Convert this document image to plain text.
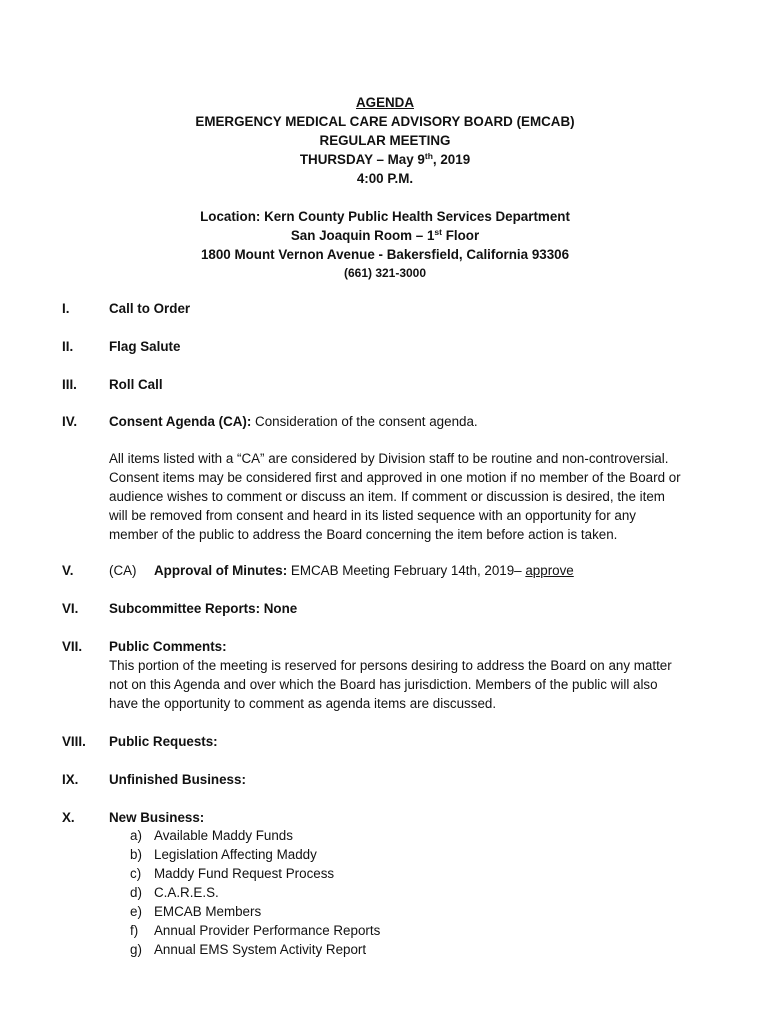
AGENDA
EMERGENCY MEDICAL CARE ADVISORY BOARD (EMCAB)
REGULAR MEETING
THURSDAY – May 9th, 2019
4:00 P.M.
Location: Kern County Public Health Services Department
San Joaquin Room – 1st Floor
1800 Mount Vernon Avenue - Bakersfield, California 93306
(661) 321-3000
I.	Call to Order
II.	Flag Salute
III. Roll Call
IV. Consent Agenda (CA): Consideration of the consent agenda.
All items listed with a “CA” are considered by Division staff to be routine and non-controversial.
Consent items may be considered first and approved in one motion if no member of the Board or
audience wishes to comment or discuss an item. If comment or discussion is desired, the item
will be removed from consent and heard in its listed sequence with an opportunity for any
member of the public to address the Board concerning the item before action is taken.
V.	(CA)	Approval of Minutes: EMCAB Meeting February 14th, 2019– approve
VI. Subcommittee Reports: None
VII. Public Comments:
This portion of the meeting is reserved for persons desiring to address the Board on any matter
not on this Agenda and over which the Board has jurisdiction. Members of the public will also
have the opportunity to comment as agenda items are discussed.
VIII. Public Requests:
IX. Unfinished Business:
X.	New Business:
a) Available Maddy Funds
b) Legislation Affecting Maddy
c) Maddy Fund Request Process
d) C.A.R.E.S.
e) EMCAB Members
f) Annual Provider Performance Reports
g) Annual EMS System Activity Report
